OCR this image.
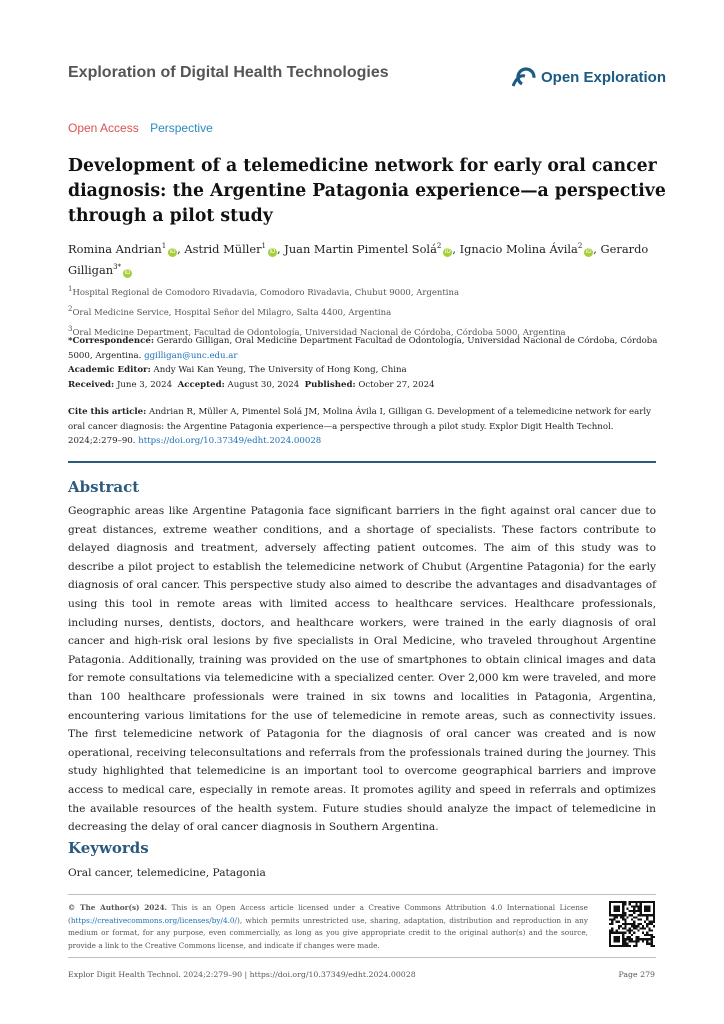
Exploration of Digital Health Technologies	Open Exploration
Open Access Perspective
Development of a telemedicine network for early oral cancer diagnosis: the Argentine Patagonia experience—a perspective through a pilot study
Romina Andrian$^1$iD , Astrid Müller$^1$iD , Juan Martin Pimentel Solá$^2$iD , Ignacio Molina Ávila$^2$iD , Gerardo Gilligan$^{3*}$iD
$^1$Hospital Regional de Comodoro Rivadavia, Comodoro Rivadavia, Chubut 9000, Argentina
$^2$Oral Medicine Service, Hospital Señor del Milagro, Salta 4400, Argentina
$^3$Oral Medicine Department, Facultad de Odontología, Universidad Nacional de Córdoba, Córdoba 5000, Argentina
*Correspondence: Gerardo Gilligan, Oral Medicine Department Facultad de Odontología, Universidad Nacional de Córdoba, Córdoba 5000, Argentina. ggilligan@unc.edu.ar
Academic Editor: Andy Wai Kan Yeung, The University of Hong Kong, China
Received: June 3, 2024 Accepted: August 30, 2024 Published: October 27, 2024
Cite this article: Andrian R, Müller A, Pimentel Solá JM, Molina Ávila I, Gilligan G. Development of a telemedicine network for early oral cancer diagnosis: the Argentine Patagonia experience—a perspective through a pilot study. Explor Digit Health Technol. 2024;2:279–90. https://doi.org/10.37349/edht.2024.00028
Abstract

Geographic areas like Argentine Patagonia face significant barriers in the fight against oral cancer due to great distances, extreme weather conditions, and a shortage of specialists. These factors contribute to delayed diagnosis and treatment, adversely affecting patient outcomes. The aim of this study was to describe a pilot project to establish the telemedicine network of Chubut (Argentine Patagonia) for the early diagnosis of oral cancer. This perspective study also aimed to describe the advantages and disadvantages of using this tool in remote areas with limited access to healthcare services. Healthcare professionals, including nurses, dentists, doctors, and healthcare workers, were trained in the early diagnosis of oral cancer and high-risk oral lesions by five specialists in Oral Medicine, who traveled throughout Argentine Patagonia. Additionally, training was provided on the use of smartphones to obtain clinical images and data for remote consultations via telemedicine with a specialized center. Over 2,000 km were traveled, and more than 100 healthcare professionals were trained in six towns and localities in Patagonia, Argentina, encountering various limitations for the use of telemedicine in remote areas, such as connectivity issues. The first telemedicine network of Patagonia for the diagnosis of oral cancer was created and is now operational, receiving teleconsultations and referrals from the professionals trained during the journey. This study highlighted that telemedicine is an important tool to overcome geographical barriers and improve access to medical care, especially in remote areas. It promotes agility and speed in referrals and optimizes the available resources of the health system. Future studies should analyze the impact of telemedicine in decreasing the delay of oral cancer diagnosis in Southern Argentina.

Keywords
Oral cancer, telemedicine, Patagonia
© The Author(s) 2024. This is an Open Access article licensed under a Creative Commons Attribution 4.0 International License (https://creativecommons.org/licenses/by/4.0/), which permits unrestricted use, sharing, adaptation, distribution and reproduction in any medium or format, for any purpose, even commercially, as long as you give appropriate credit to the original author(s) and the source, provide a link to the Creative Commons license, and indicate if changes were made.
Explor Digit Health Technol. 2024;2:279–90 | https://doi.org/10.37349/edht.2024.00028	Page 279
